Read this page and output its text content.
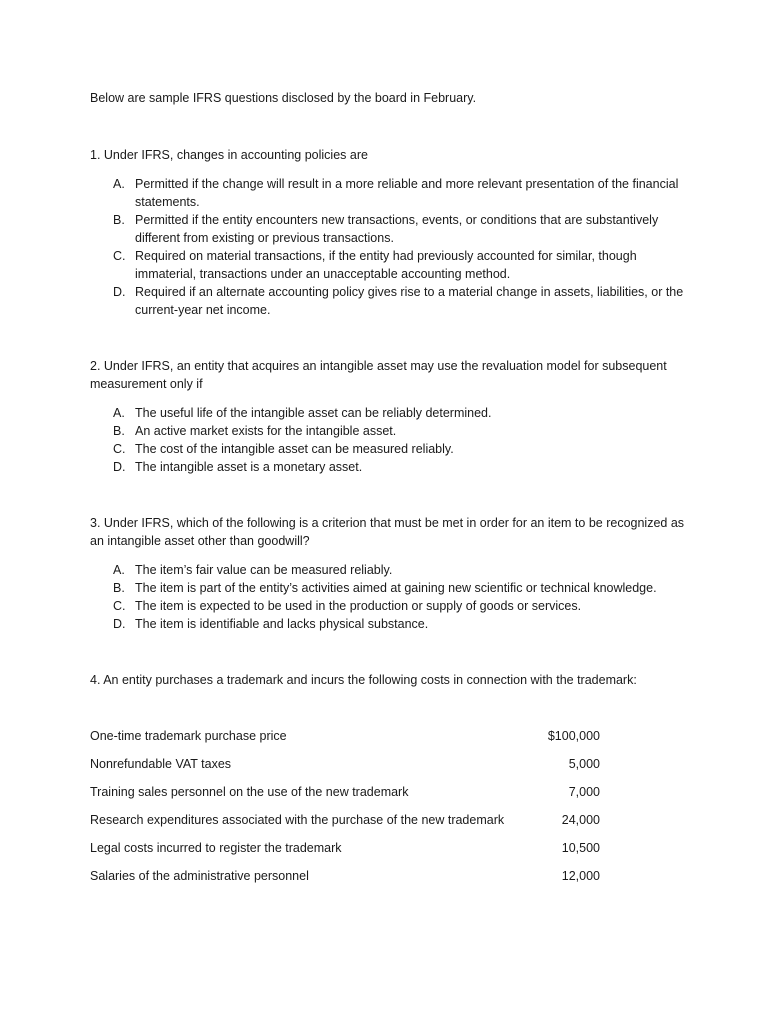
Below are sample IFRS questions disclosed by the board in February.

1. Under IFRS, changes in accounting policies are

A. Permitted if the change will result in a more reliable and more relevant presentation of the financial statements.
B. Permitted if the entity encounters new transactions, events, or conditions that are substantively different from existing or previous transactions.
C. Required on material transactions, if the entity had previously accounted for similar, though immaterial, transactions under an unacceptable accounting method.
D. Required if an alternate accounting policy gives rise to a material change in assets, liabilities, or the current-year net income.

2. Under IFRS, an entity that acquires an intangible asset may use the revaluation model for subsequent measurement only if

A. The useful life of the intangible asset can be reliably determined.
B. An active market exists for the intangible asset.
C. The cost of the intangible asset can be measured reliably.
D. The intangible asset is a monetary asset.

3. Under IFRS, which of the following is a criterion that must be met in order for an item to be recognized as an intangible asset other than goodwill?

A. The item’s fair value can be measured reliably.
B. The item is part of the entity’s activities aimed at gaining new scientific or technical knowledge.
C. The item is expected to be used in the production or supply of goods or services.
D. The item is identifiable and lacks physical substance.

4. An entity purchases a trademark and incurs the following costs in connection with the trademark:

One-time trademark purchase price	$100,000
Nonrefundable VAT taxes	5,000
Training sales personnel on the use of the new trademark	7,000
Research expenditures associated with the purchase of the new trademark	24,000
Legal costs incurred to register the trademark	10,500
Salaries of the administrative personnel	12,000
